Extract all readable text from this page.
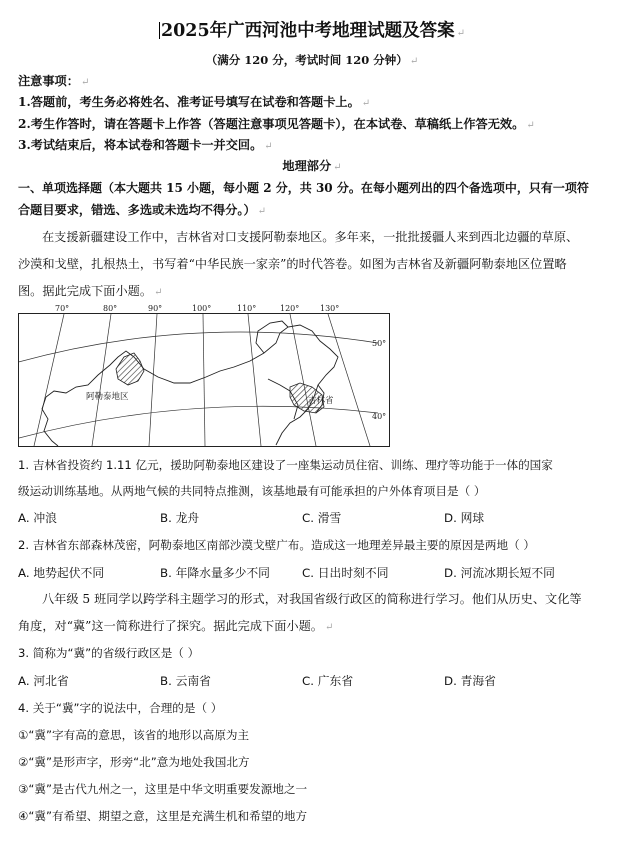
2025年广西河池中考地理试题及答案 ↵
（满分 120 分，考试时间 120 分钟） ↵
注意事项： ↵
1.答题前，考生务必将姓名、准考证号填写在试卷和答题卡上。 ↵
2.考生作答时，请在答题卡上作答（答题注意事项见答题卡），在本试卷、草稿纸上作答无效。 ↵
3.考试结束后，将本试卷和答题卡一并交回。 ↵
地理部分 ↵
一、单项选择题（本大题共 15 小题，每小题 2 分，共 30 分。在每小题列出的四个备选项中，只有一项符
合题目要求，错选、多选或未选均不得分。） ↵
在支援新疆建设工作中，吉林省对口支援阿勒泰地区。多年来，一批批援疆人来到西北边疆的草原、
沙漠和戈壁，扎根热土，书写着“中华民族一家亲”的时代答卷。如图为吉林省及新疆阿勒泰地区位置略
图。据此完成下面小题。 ↵
70°	80°	90°	100°	110°	120°	130°
50°
40°
阿勒泰地区	吉林省
1. 吉林省投资约 1.11 亿元，援助阿勒泰地区建设了一座集运动员住宿、训练、理疗等功能于一体的国家
级运动训练基地。从两地气候的共同特点推测，该基地最有可能承担的户外体育项目是（ ）
A. 冲浪	B. 龙舟	C. 滑雪	D. 网球
2. 吉林省东部森林茂密，阿勒泰地区南部沙漠戈壁广布。造成这一地理差异最主要的原因是两地（ ）
A. 地势起伏不同	B. 年降水量多少不同	C. 日出时刻不同	D. 河流冰期长短不同
八年级 5 班同学以跨学科主题学习的形式，对我国省级行政区的简称进行学习。他们从历史、文化等
角度，对“冀”这一简称进行了探究。据此完成下面小题。 ↵
3. 简称为“冀”的省级行政区是（ ）
A. 河北省	B. 云南省	C. 广东省	D. 青海省
4. 关于“冀”字的说法中，合理的是（ ）
①“冀”字有高的意思，该省的地形以高原为主
②“冀”是形声字，形旁“北”意为地处我国北方
③“冀”是古代九州之一，这里是中华文明重要发源地之一
④“冀”有希望、期望之意，这里是充满生机和希望的地方
